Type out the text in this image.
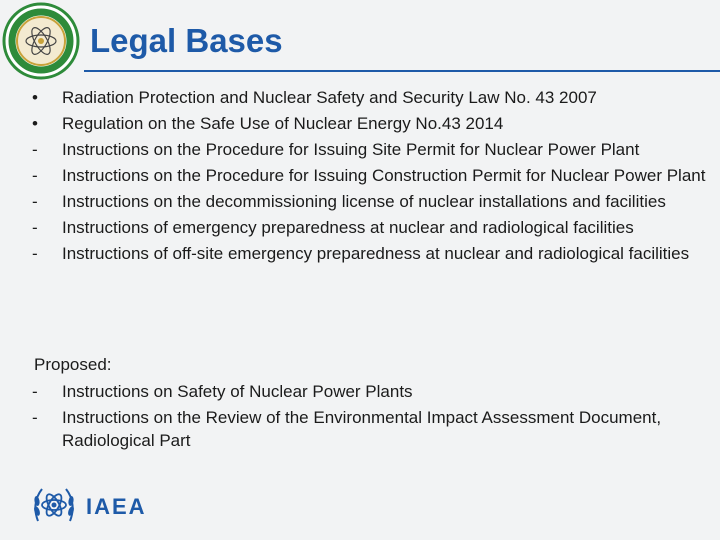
Legal Bases
•	Radiation Protection and Nuclear Safety and Security Law No. 43 2007
•	Regulation on the Safe Use of Nuclear Energy No.43 2014
-	Instructions on the Procedure for Issuing Site Permit for Nuclear Power Plant
-	Instructions on the Procedure for Issuing Construction Permit for Nuclear Power Plant
-	Instructions on the decommissioning license of nuclear installations and facilities
-	Instructions of emergency preparedness at nuclear and radiological facilities
-	Instructions of off-site emergency preparedness at nuclear and radiological facilities

Proposed:

-	Instructions on Safety of Nuclear Power Plants
-	Instructions on the Review of the Environmental Impact Assessment Document, Radiological Part
IAEA
